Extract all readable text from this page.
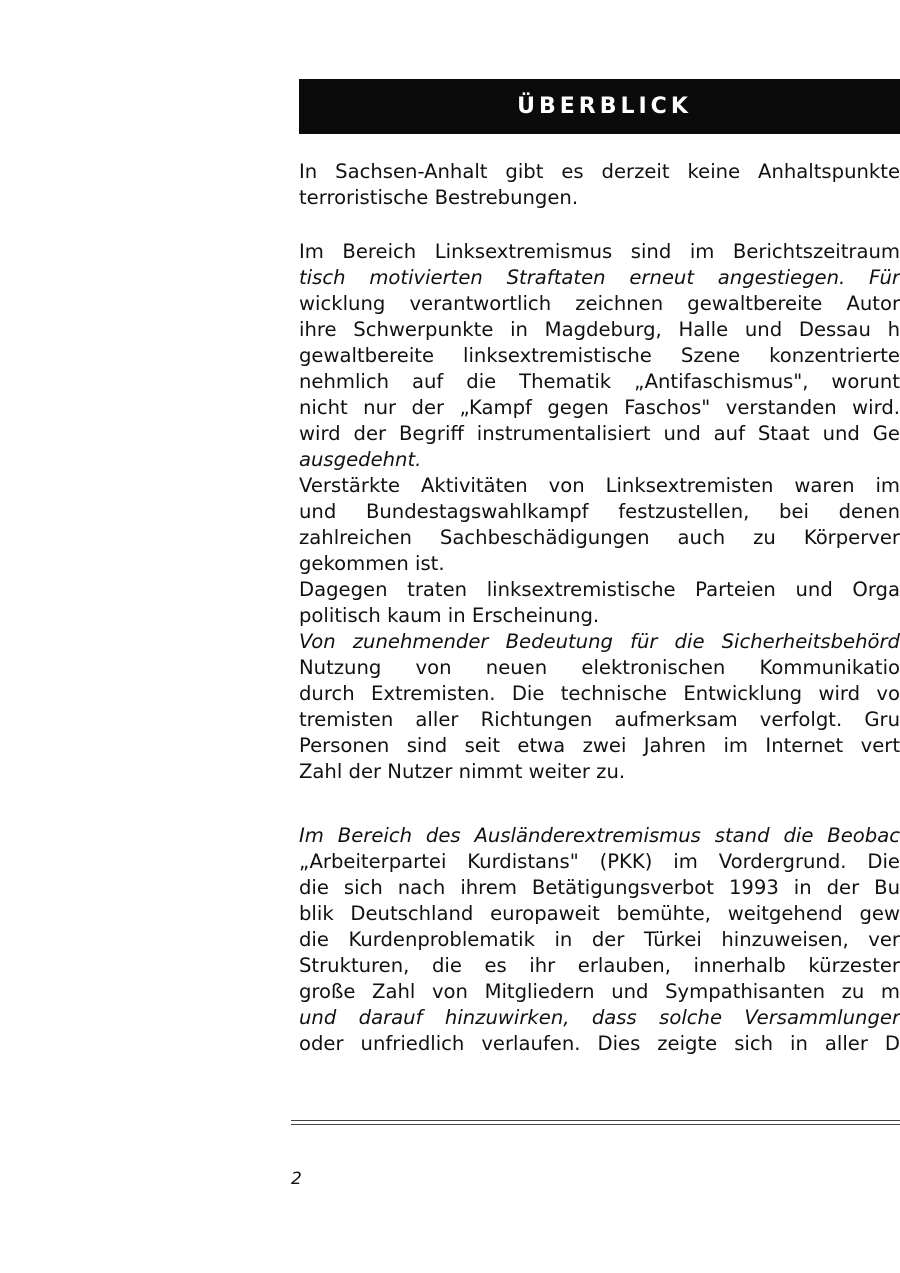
ÜBERBLICK
In Sachsen-Anhalt gibt es derzeit keine Anhaltspunkte
terroristische Bestrebungen.
Im Bereich Linksextremismus sind im Berichtszeitraum
tisch motivierten Straftaten erneut angestiegen. Für
wicklung verantwortlich zeichnen gewaltbereite Autor
ihre Schwerpunkte in Magdeburg, Halle und Dessau h
gewaltbereite linksextremistische Szene konzentrierte
nehmlich auf die Thematik „Antifaschismus", worunt
nicht nur der „Kampf gegen Faschos" verstanden wird.
wird der Begriff instrumentalisiert und auf Staat und Ge
ausgedehnt.
Verstärkte Aktivitäten von Linksextremisten waren im
und Bundestagswahlkampf festzustellen, bei denen
zahlreichen Sachbeschädigungen auch zu Körperver
gekommen ist.
Dagegen traten linksextremistische Parteien und Orga
politisch kaum in Erscheinung.
Von zunehmender Bedeutung für die Sicherheitsbehörd
Nutzung von neuen elektronischen Kommunikatio
durch Extremisten. Die technische Entwicklung wird vo
tremisten aller Richtungen aufmerksam verfolgt. Gru
Personen sind seit etwa zwei Jahren im Internet vert
Zahl der Nutzer nimmt weiter zu.
Im Bereich des Ausländerextremismus stand die Beobac
„Arbeiterpartei Kurdistans" (PKK) im Vordergrund. Die
die sich nach ihrem Betätigungsverbot 1993 in der Bu
blik Deutschland europaweit bemühte, weitgehend gew
die Kurdenproblematik in der Türkei hinzuweisen, ver
Strukturen, die es ihr erlauben, innerhalb kürzester
große Zahl von Mitgliedern und Sympathisanten zu m
und darauf hinzuwirken, dass solche Versammlunger
oder unfriedlich verlaufen. Dies zeigte sich in aller D
2
